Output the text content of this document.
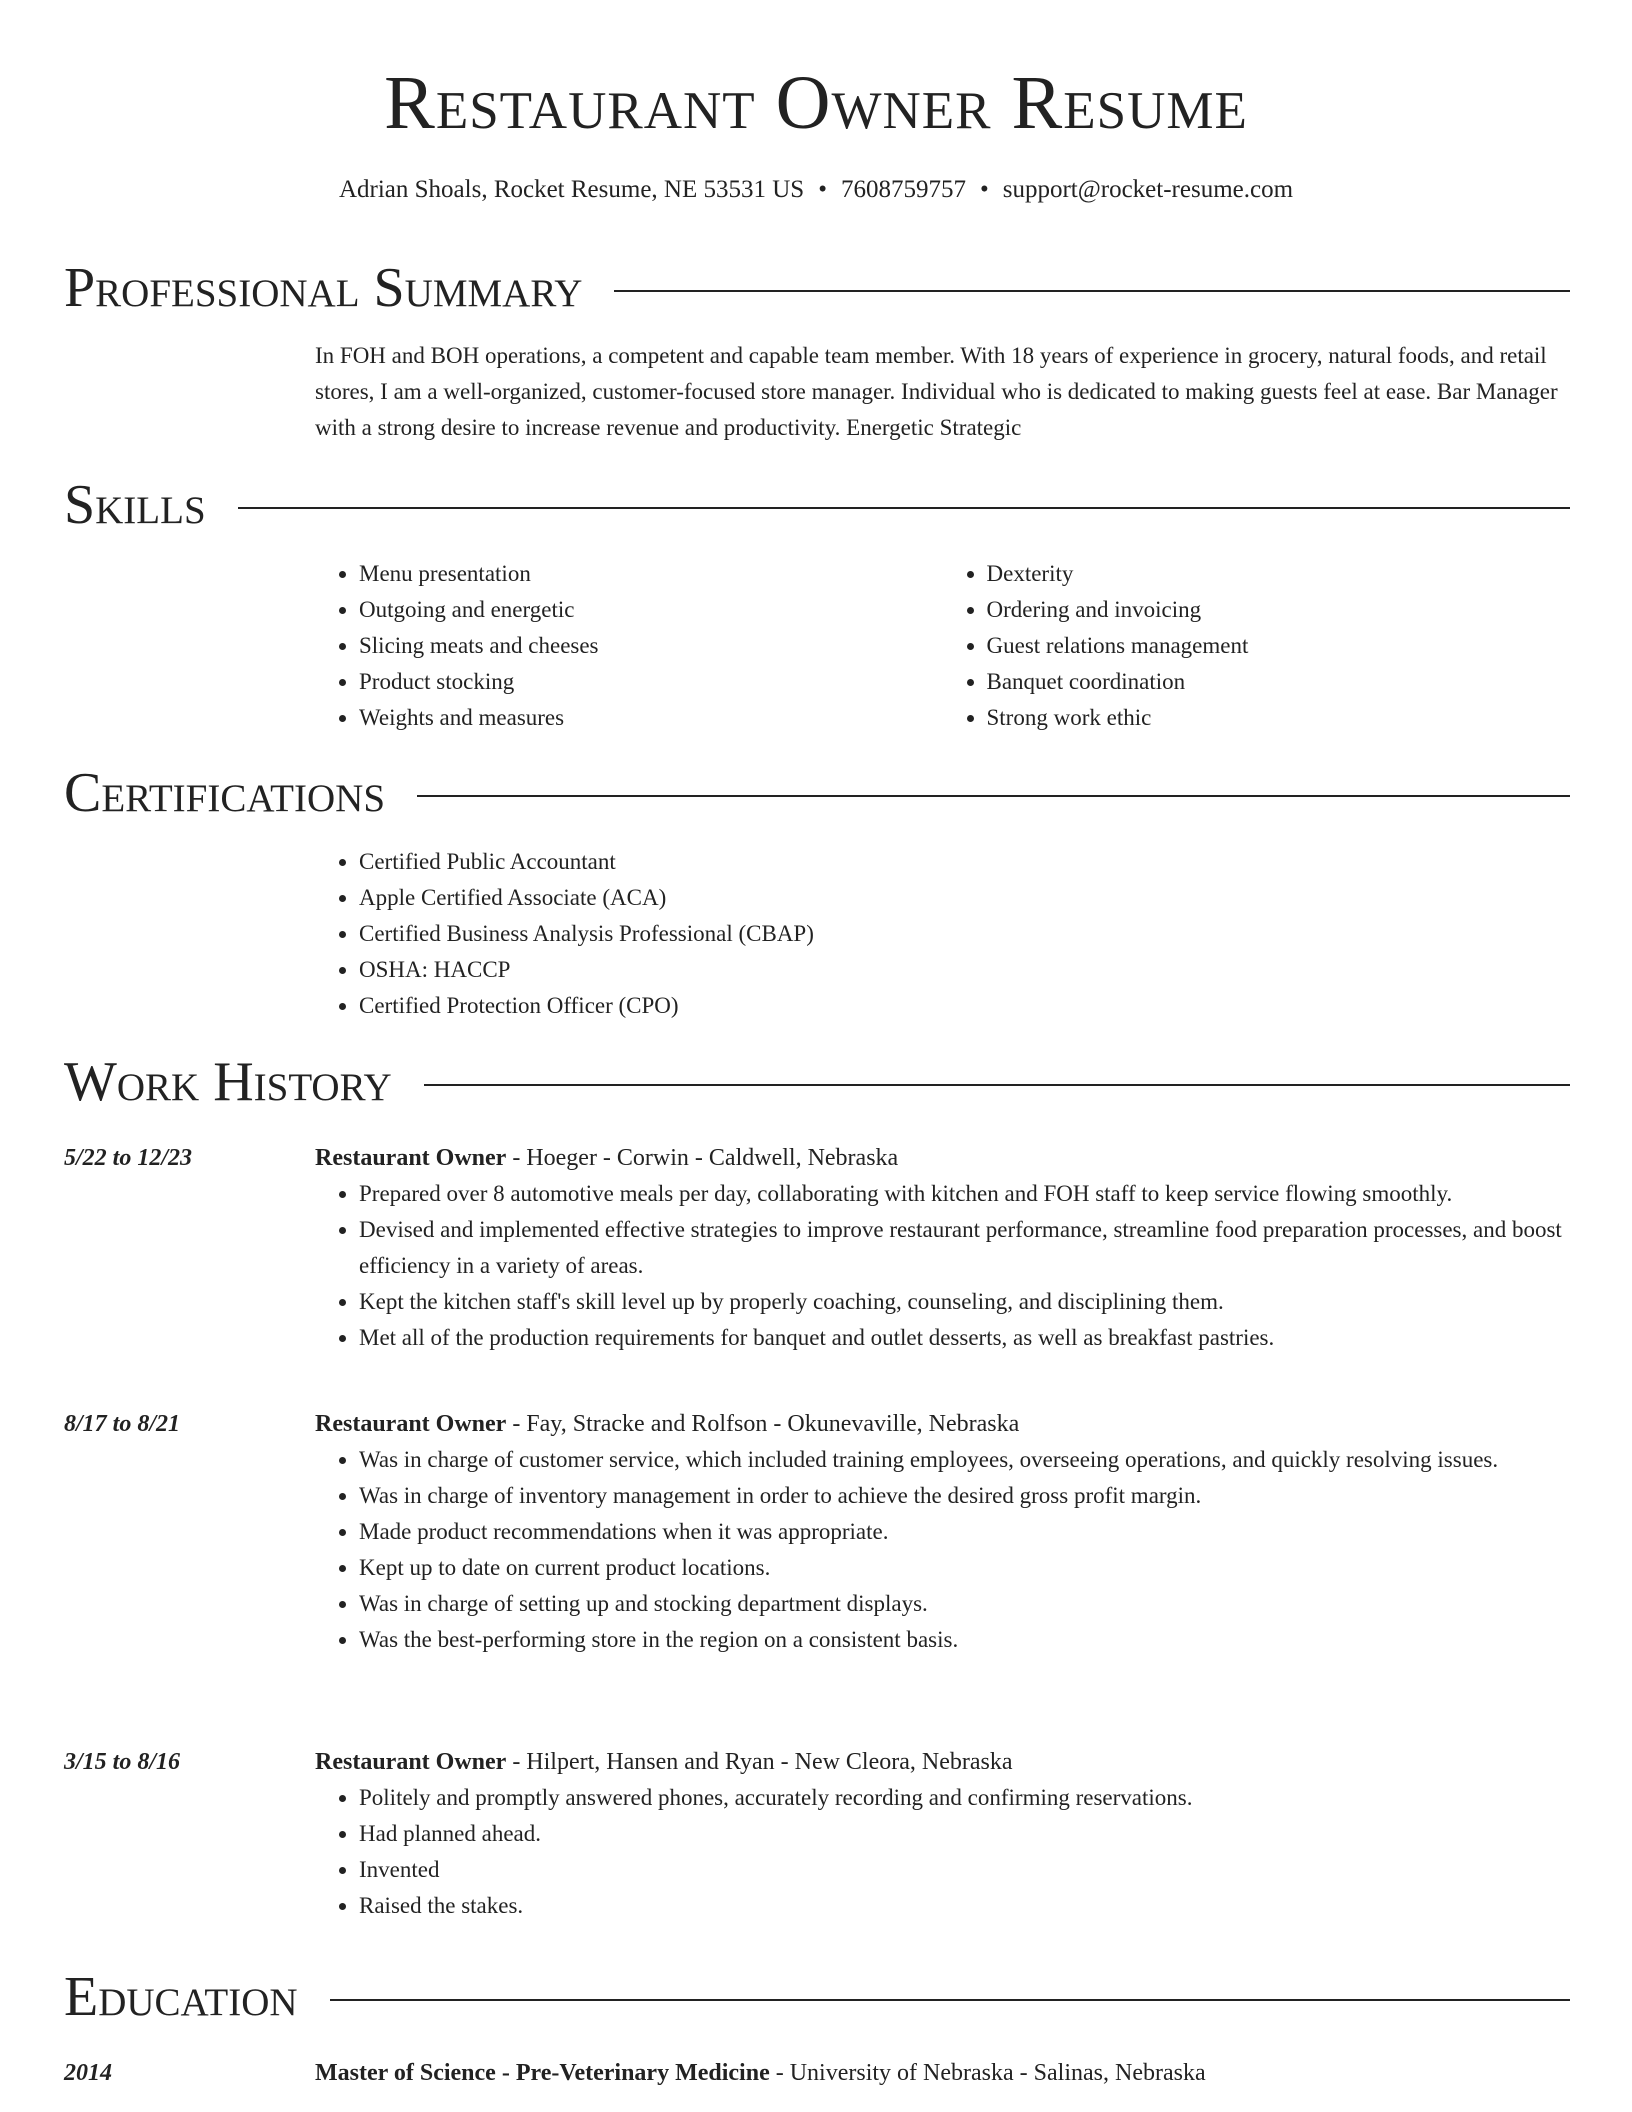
Restaurant Owner Resume
Adrian Shoals, Rocket Resume, NE 53531 US • 7608759757 • support@rocket-resume.com
Professional Summary

In FOH and BOH operations, a competent and capable team member. With 18 years of experience in grocery, natural foods, and retail stores, I am a well-organized, customer-focused store manager. Individual who is dedicated to making guests feel at ease. Bar Manager with a strong desire to increase revenue and productivity. Energetic Strategic

Skills
• Menu presentation
• Outgoing and energetic
• Slicing meats and cheeses
• Product stocking
• Weights and measures
• Dexterity
• Ordering and invoicing
• Guest relations management
• Banquet coordination
• Strong work ethic
Certifications
• Certified Public Accountant
• Apple Certified Associate (ACA)
• Certified Business Analysis Professional (CBAP)
• OSHA: HACCP
• Certified Protection Officer (CPO)
Work History
5/22 to 12/23	Restaurant Owner - Hoeger - Corwin - Caldwell, Nebraska
• Prepared over 8 automotive meals per day, collaborating with kitchen and FOH staff to keep service flowing smoothly.
• Devised and implemented effective strategies to improve restaurant performance, streamline food preparation processes, and boost efficiency in a variety of areas.
• Kept the kitchen staff's skill level up by properly coaching, counseling, and disciplining them.
• Met all of the production requirements for banquet and outlet desserts, as well as breakfast pastries.
8/17 to 8/21	Restaurant Owner - Fay, Stracke and Rolfson - Okunevaville, Nebraska
• Was in charge of customer service, which included training employees, overseeing operations, and quickly resolving issues.
• Was in charge of inventory management in order to achieve the desired gross profit margin.
• Made product recommendations when it was appropriate.
• Kept up to date on current product locations.
• Was in charge of setting up and stocking department displays.
• Was the best-performing store in the region on a consistent basis.
3/15 to 8/16	Restaurant Owner - Hilpert, Hansen and Ryan - New Cleora, Nebraska
• Politely and promptly answered phones, accurately recording and confirming reservations.
• Had planned ahead.
• Invented
• Raised the stakes.
Education
2014	Master of Science - Pre-Veterinary Medicine - University of Nebraska - Salinas, Nebraska
